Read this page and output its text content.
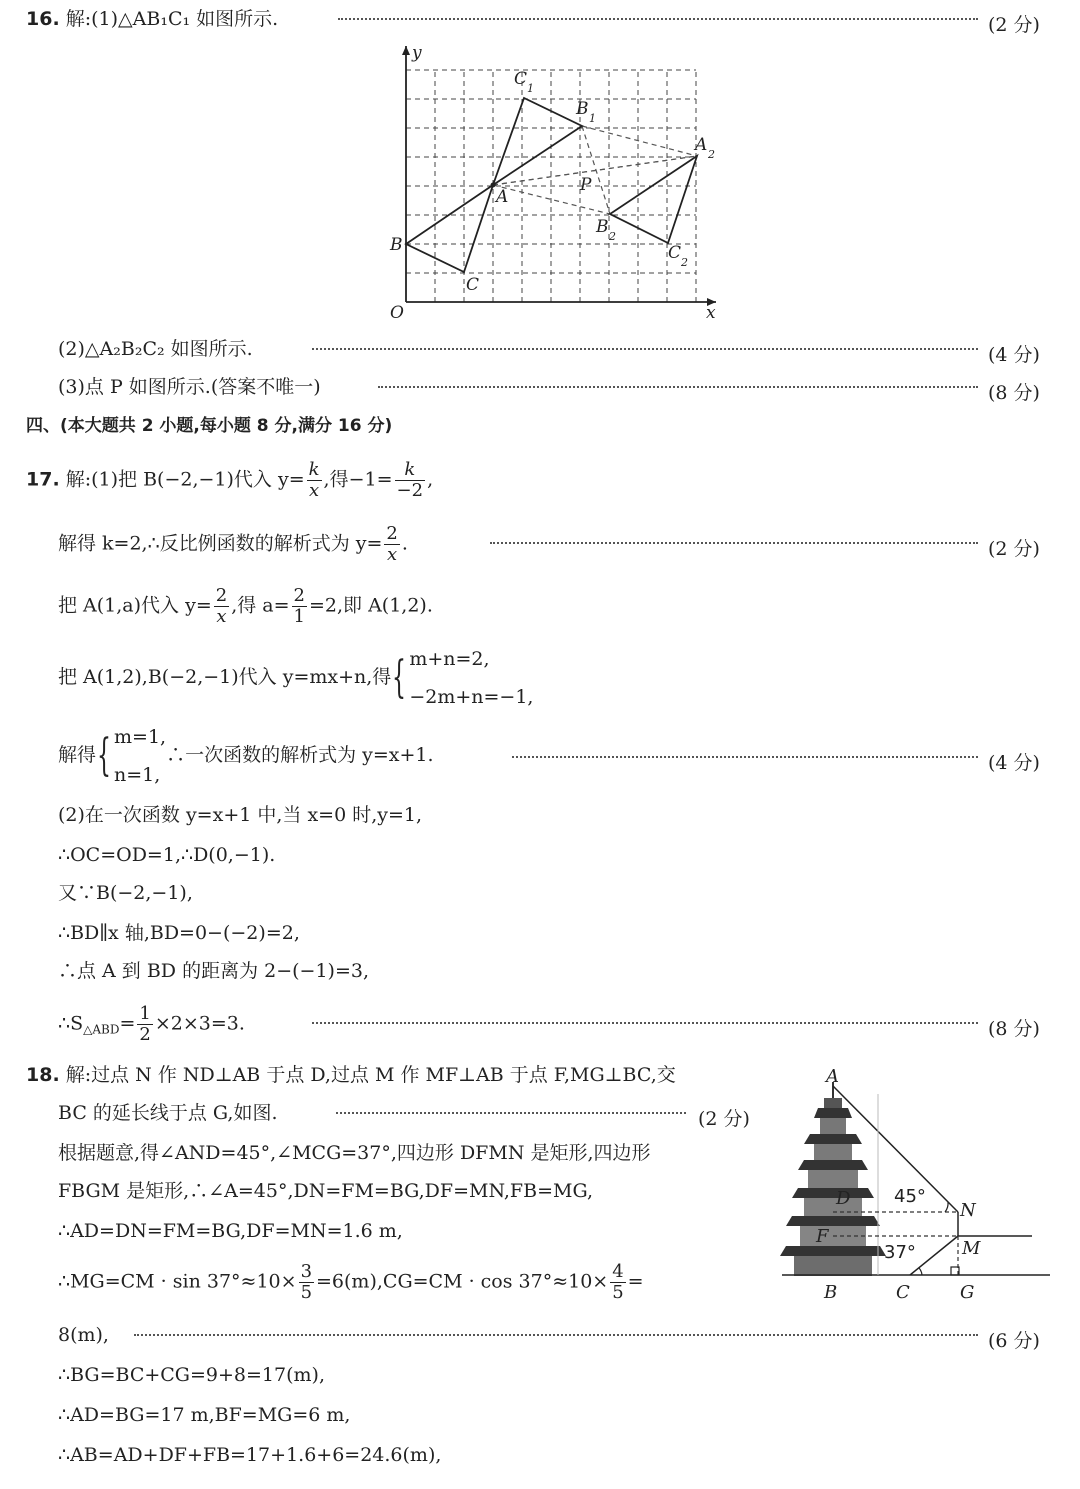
16. 解:(1)△AB₁C₁ 如图所示.	(2 分)
y
x
O
B
C
A
C 1
B 1
A 2
P
B 2
C 2
(2)△A₂B₂C₂ 如图所示.	(4 分)
(3)点 P 如图所示.(答案不唯一)	(8 分)
四、(本大题共 2 小题,每小题 8 分,满分 16 分)
17. 解:(1)把 B(−2,−1)代入 $y= \frac{k}{x}$ ,得$-1= \frac{k}{-2}$ ,
解得 k=2,∴反比例函数的解析式为 $y= \frac{2}{x}$ .	(2 分)
把 A(1,a)代入 $y= \frac{2}{x}$ ,得 $a= \frac{2}{1} =2$,即 A(1,2).
把 A(1,2),B(−2,−1)代入 y=mx+n,得{ m+n=2,
−2m+n=−1,
解得{ m=1,
n=1,
∴一次函数的解析式为 y=x+1.	(4 分)
(2)在一次函数 y=x+1 中,当 x=0 时,y=1,
∴OC=OD=1,∴D(0,−1).
又∵B(−2,−1),
∴BD∥x 轴,BD=0−(−2)=2,
∴点 A 到 BD 的距离为 2−(−1)=3,
$\therefore S_{\triangle ABD}= \frac{1}{2} \times 2\times 3=3$.	(8 分)
18. 解:过点 N 作 ND⊥AB 于点 D,过点 M 作 MF⊥AB 于点 F,MG⊥BC,交
BC 的延长线于点 G,如图.	(2 分)
根据题意,得∠AND=45°,∠MCG=37°,四边形 DFMN 是矩形,四边形
FBGM 是矩形,∴∠A=45°,DN=FM=BG,DF=MN,FB=MG,
∴AD=DN=FM=BG,DF=MN=1.6 m,
∴MG=CM · $\sin 37^\circ\approx 10\times \frac{3}{5} =6(m),CG=CM \cdot \cos 37^\circ\approx 10\times \frac{4}{5}$ =
8(m),	(6 分)
∴BG=BC+CG=9+8=17(m),
∴AD=BG=17 m,BF=MG=6 m,
∴AB=AD+DF+FB=17+1.6+6=24.6(m),
A
D
F
B	C	G
N
M
45°
37°
